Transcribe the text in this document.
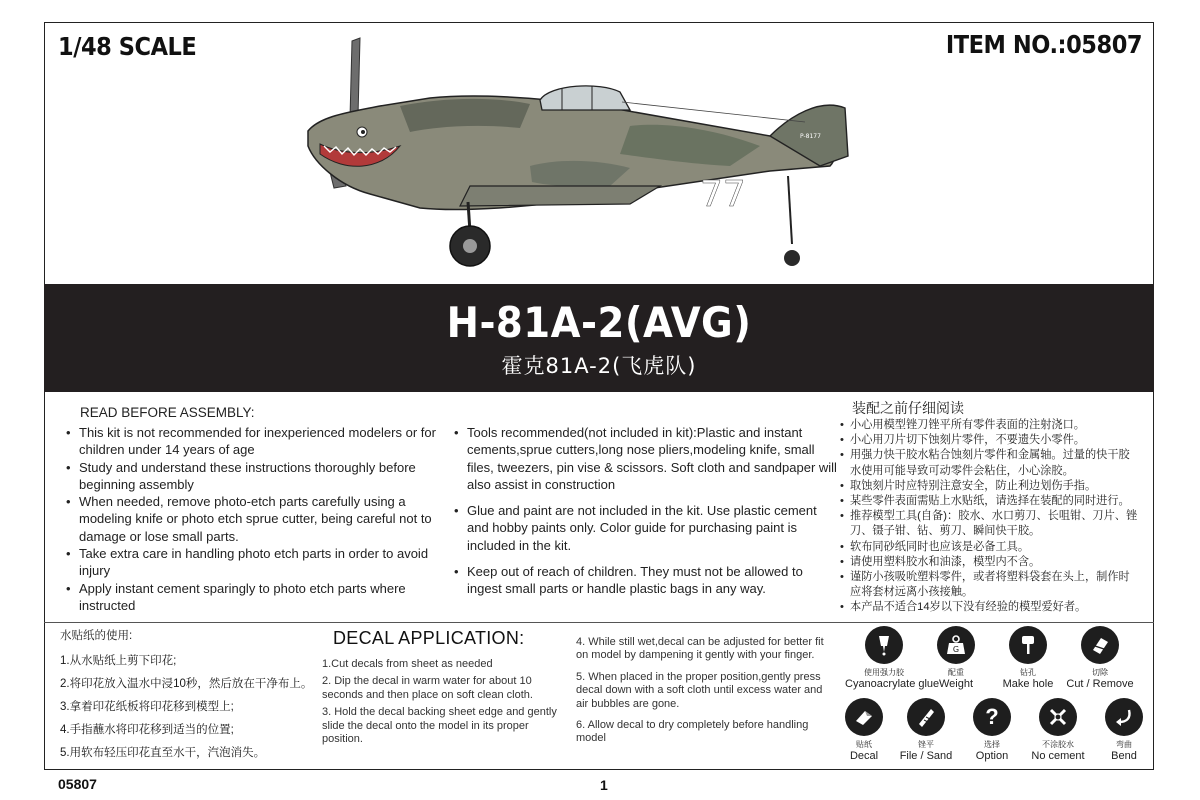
1/48 SCALE	ITEM NO.:05807
77
P-8177
H-81A-2(AVG)
霍克81A-2(飞虎队)
READ BEFORE ASSEMBLY:
• This kit is not recommended for inexperienced modelers or for children under 14 years of age
• Study and understand these instructions thoroughly before beginning assembly
• When needed, remove photo-etch parts carefully using a modeling knife or photo etch sprue cutter, being careful not to damage or lose small parts.
• Take extra care in handling photo etch parts in order to avoid injury
• Apply instant cement sparingly to photo etch parts where instructed
• Tools recommended(not included in kit):Plastic and instant cements,sprue cutters,long nose pliers,modeling knife, small files, tweezers, pin vise & scissors. Soft cloth and sandpaper will also assist in construction
• Glue and paint are not included in the kit. Use plastic cement and hobby paints only. Color guide for purchasing paint is included in the kit.
• Keep out of reach of children. They must not be allowed to ingest small parts or handle plastic bags in any way.
装配之前仔细阅读
• 小心用模型锉刀锉平所有零件表面的注射浇口。
• 小心用刀片切下蚀刻片零件，不要遗失小零件。
• 用强力快干胶水粘合蚀刻片零件和金属轴。过量的快干胶水使用可能导致可动零件会粘住，小心涂胶。
• 取蚀刻片时应特别注意安全，防止利边划伤手指。
• 某些零件表面需贴上水贴纸，请选择在装配的同时进行。
• 推荐模型工具(自备)：胶水、水口剪刀、长咀钳、刀片、锉刀、镊子钳、钻、剪刀、瞬间快干胶。
• 软布同砂纸同时也应该是必备工具。
• 请使用塑料胶水和油漆，模型内不含。
• 谨防小孩吸吮塑料零件，或者将塑料袋套在头上，制作时应将套材远离小孩接触。
• 本产品不适合14岁以下没有经验的模型爱好者。
水贴纸的使用:
1.从水贴纸上剪下印花;
2.将印花放入温水中浸10秒，然后放在干净布上。
3.拿着印花纸板将印花移到模型上;
4.手指蘸水将印花移到适当的位置;
5.用软布轻压印花直至水干，汽泡消失。
DECAL APPLICATION:
1.Cut decals from sheet as needed
2. Dip the decal in warm water for about 10 seconds and then place on soft clean cloth.
3. Hold the decal backing sheet edge and gently slide the decal onto the model in its proper position.
4. While still wet,decal can be adjusted for better fit on model by dampening it gently with your finger.
5. When placed in the proper position,gently press decal down with a soft cloth until excess water and air bubbles are gone.
6. Allow decal to dry completely before handling model
使用强力胶
Cyanoacrylate glue
G
配重
Weight
钻孔
Make hole
切除
Cut / Remove
贴纸
Decal
锉平
File / Sand
?
选择
Option
不涂胶水
No cement
弯曲
Bend
05807	1
